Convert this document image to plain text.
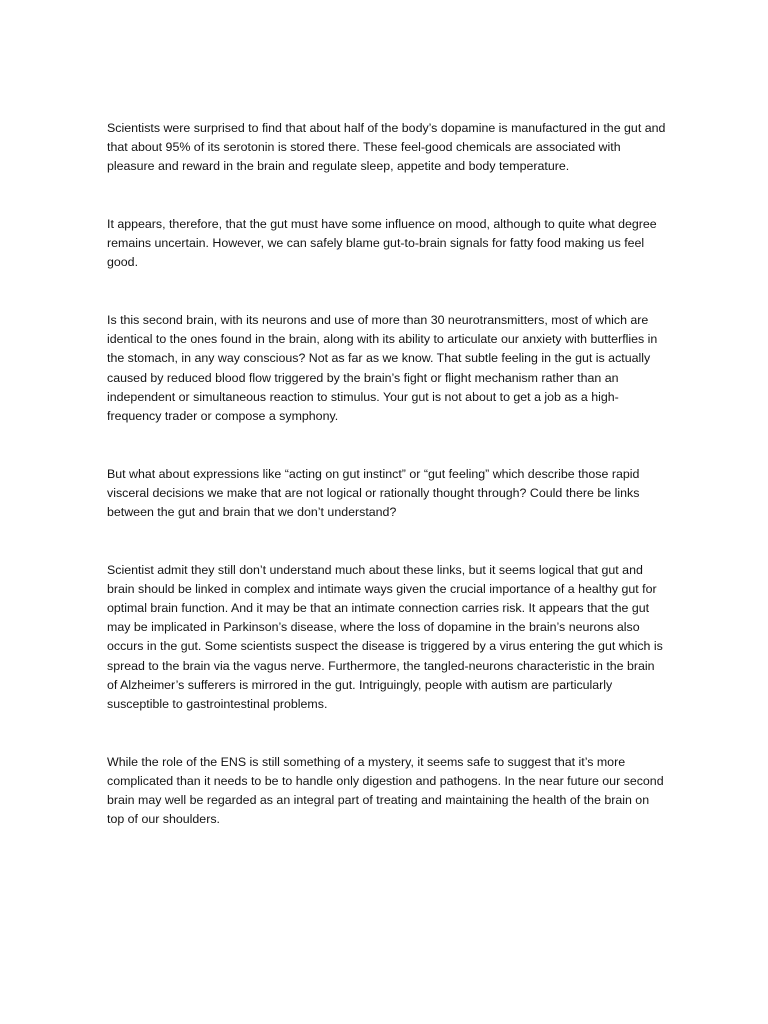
Scientists were surprised to find that about half of the body’s dopamine is manufactured in the gut and that about 95% of its serotonin is stored there. These feel-good chemicals are associated with pleasure and reward in the brain and regulate sleep, appetite and body temperature.

It appears, therefore, that the gut must have some influence on mood, although to quite what degree remains uncertain. However, we can safely blame gut-to-brain signals for fatty food making us feel good.

Is this second brain, with its neurons and use of more than 30 neurotransmitters, most of which are identical to the ones found in the brain, along with its ability to articulate our anxiety with butterflies in the stomach, in any way conscious? Not as far as we know. That subtle feeling in the gut is actually caused by reduced blood flow triggered by the brain’s fight or flight mechanism rather than an independent or simultaneous reaction to stimulus. Your gut is not about to get a job as a high-frequency trader or compose a symphony.

But what about expressions like “acting on gut instinct” or “gut feeling” which describe those rapid visceral decisions we make that are not logical or rationally thought through? Could there be links between the gut and brain that we don’t understand?

Scientist admit they still don’t understand much about these links, but it seems logical that gut and brain should be linked in complex and intimate ways given the crucial importance of a healthy gut for optimal brain function. And it may be that an intimate connection carries risk. It appears that the gut may be implicated in Parkinson’s disease, where the loss of dopamine in the brain’s neurons also occurs in the gut. Some scientists suspect the disease is triggered by a virus entering the gut which is spread to the brain via the vagus nerve. Furthermore, the tangled-neurons characteristic in the brain of Alzheimer’s sufferers is mirrored in the gut. Intriguingly, people with autism are particularly susceptible to gastrointestinal problems.

While the role of the ENS is still something of a mystery, it seems safe to suggest that it’s more complicated than it needs to be to handle only digestion and pathogens. In the near future our second brain may well be regarded as an integral part of treating and maintaining the health of the brain on top of our shoulders.
